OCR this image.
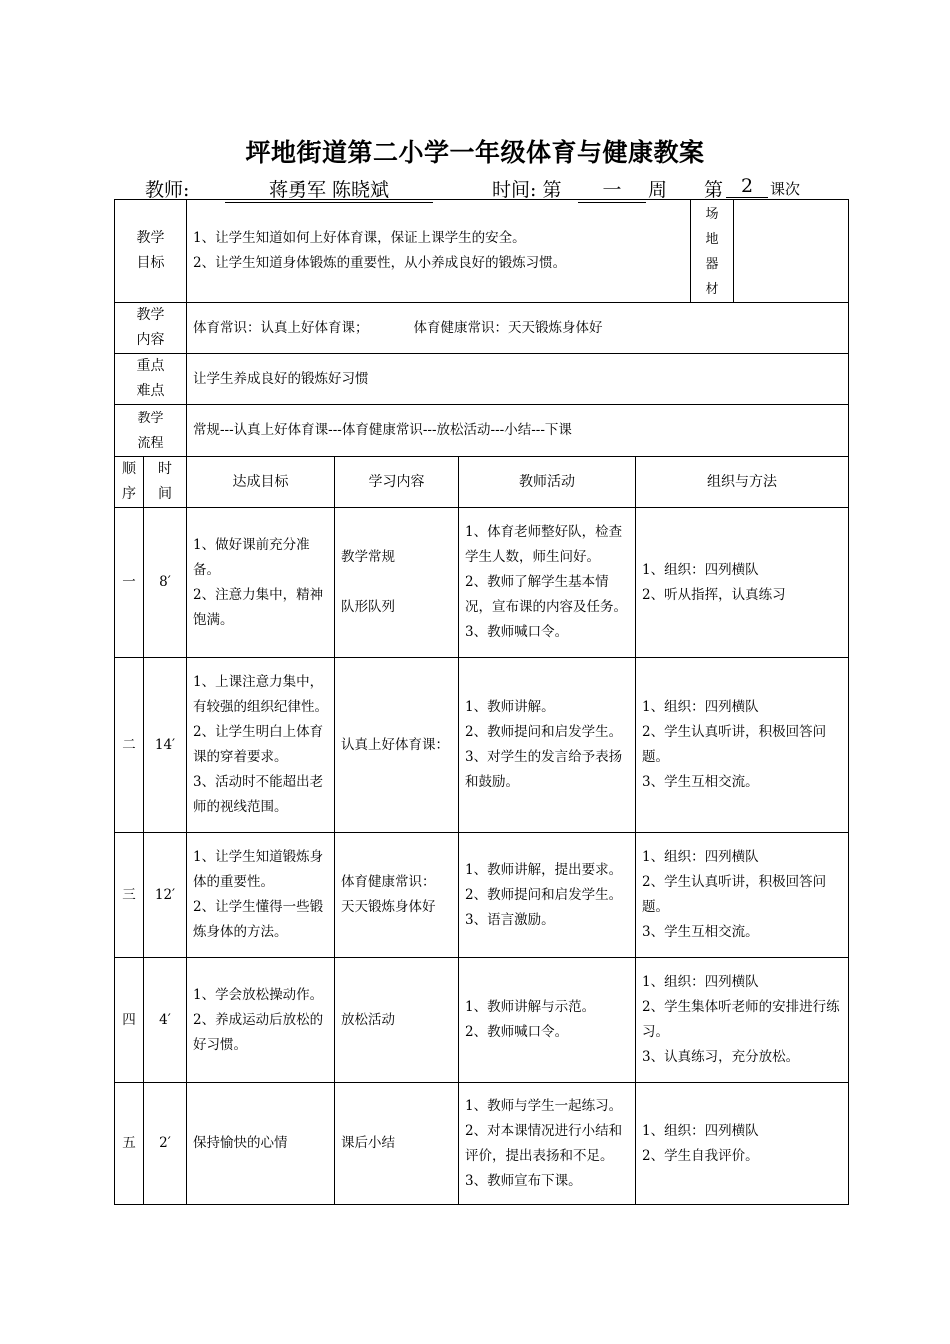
坪地街道第二小学一年级体育与健康教案
教师:	蒋勇军 陈晓斌	时间: 第	一	周 第 2	课次
教学目标		1、让学生知道如何上好体育课，保证上课学生的安全。
2、让学生知道身体锻炼的重要性，从小养成良好的锻炼习惯。				场
地
器
材	

教学内容		体育常识：认真上好体育课； 体育健康常识：天天锻炼身体好					

重点难点		让学生养成良好的锻炼好习惯					

教学流程		常规---认真上好体育课---体育健康常识---放松活动---小结---下课					

顺序	时间	达成目标	学习内容	教师活动	组织与方法		
一	8′	1、做好课前充分准备。
2、注意力集中，精神饱满。	教学常规
队形队列	1、体育老师整好队，检查学生人数，师生问好。
2、教师了解学生基本情况，宣布课的内容及任务。
3、教师喊口令。	1、组织：四列横队
2、听从指挥，认真练习		

二	14′	1、上课注意力集中，有较强的组织纪律性。
2、让学生明白上体育课的穿着要求。
3、活动时不能超出老师的视线范围。	认真上好体育课：	1、教师讲解。
2、教师提问和启发学生。
3、对学生的发言给予表扬和鼓励。	1、组织：四列横队
2、学生认真听讲，积极回答问题。
3、学生互相交流。		

三	12′	1、让学生知道锻炼身体的重要性。
2、让学生懂得一些锻炼身体的方法。	体育健康常识：
天天锻炼身体好	1、教师讲解，提出要求。
2、教师提问和启发学生。
3、语言激励。	1、组织：四列横队
2、学生认真听讲，积极回答问题。
3、学生互相交流。		

四	4′	1、学会放松操动作。
2、养成运动后放松的好习惯。	放松活动	1、教师讲解与示范。
2、教师喊口令。	1、组织：四列横队
2、学生集体听老师的安排进行练习。
3、认真练习，充分放松。		

五	2′	保持愉快的心情	课后小结	1、教师与学生一起练习。
2、对本课情况进行小结和评价，提出表扬和不足。
3、教师宣布下课。	1、组织：四列横队
2、学生自我评价。		
